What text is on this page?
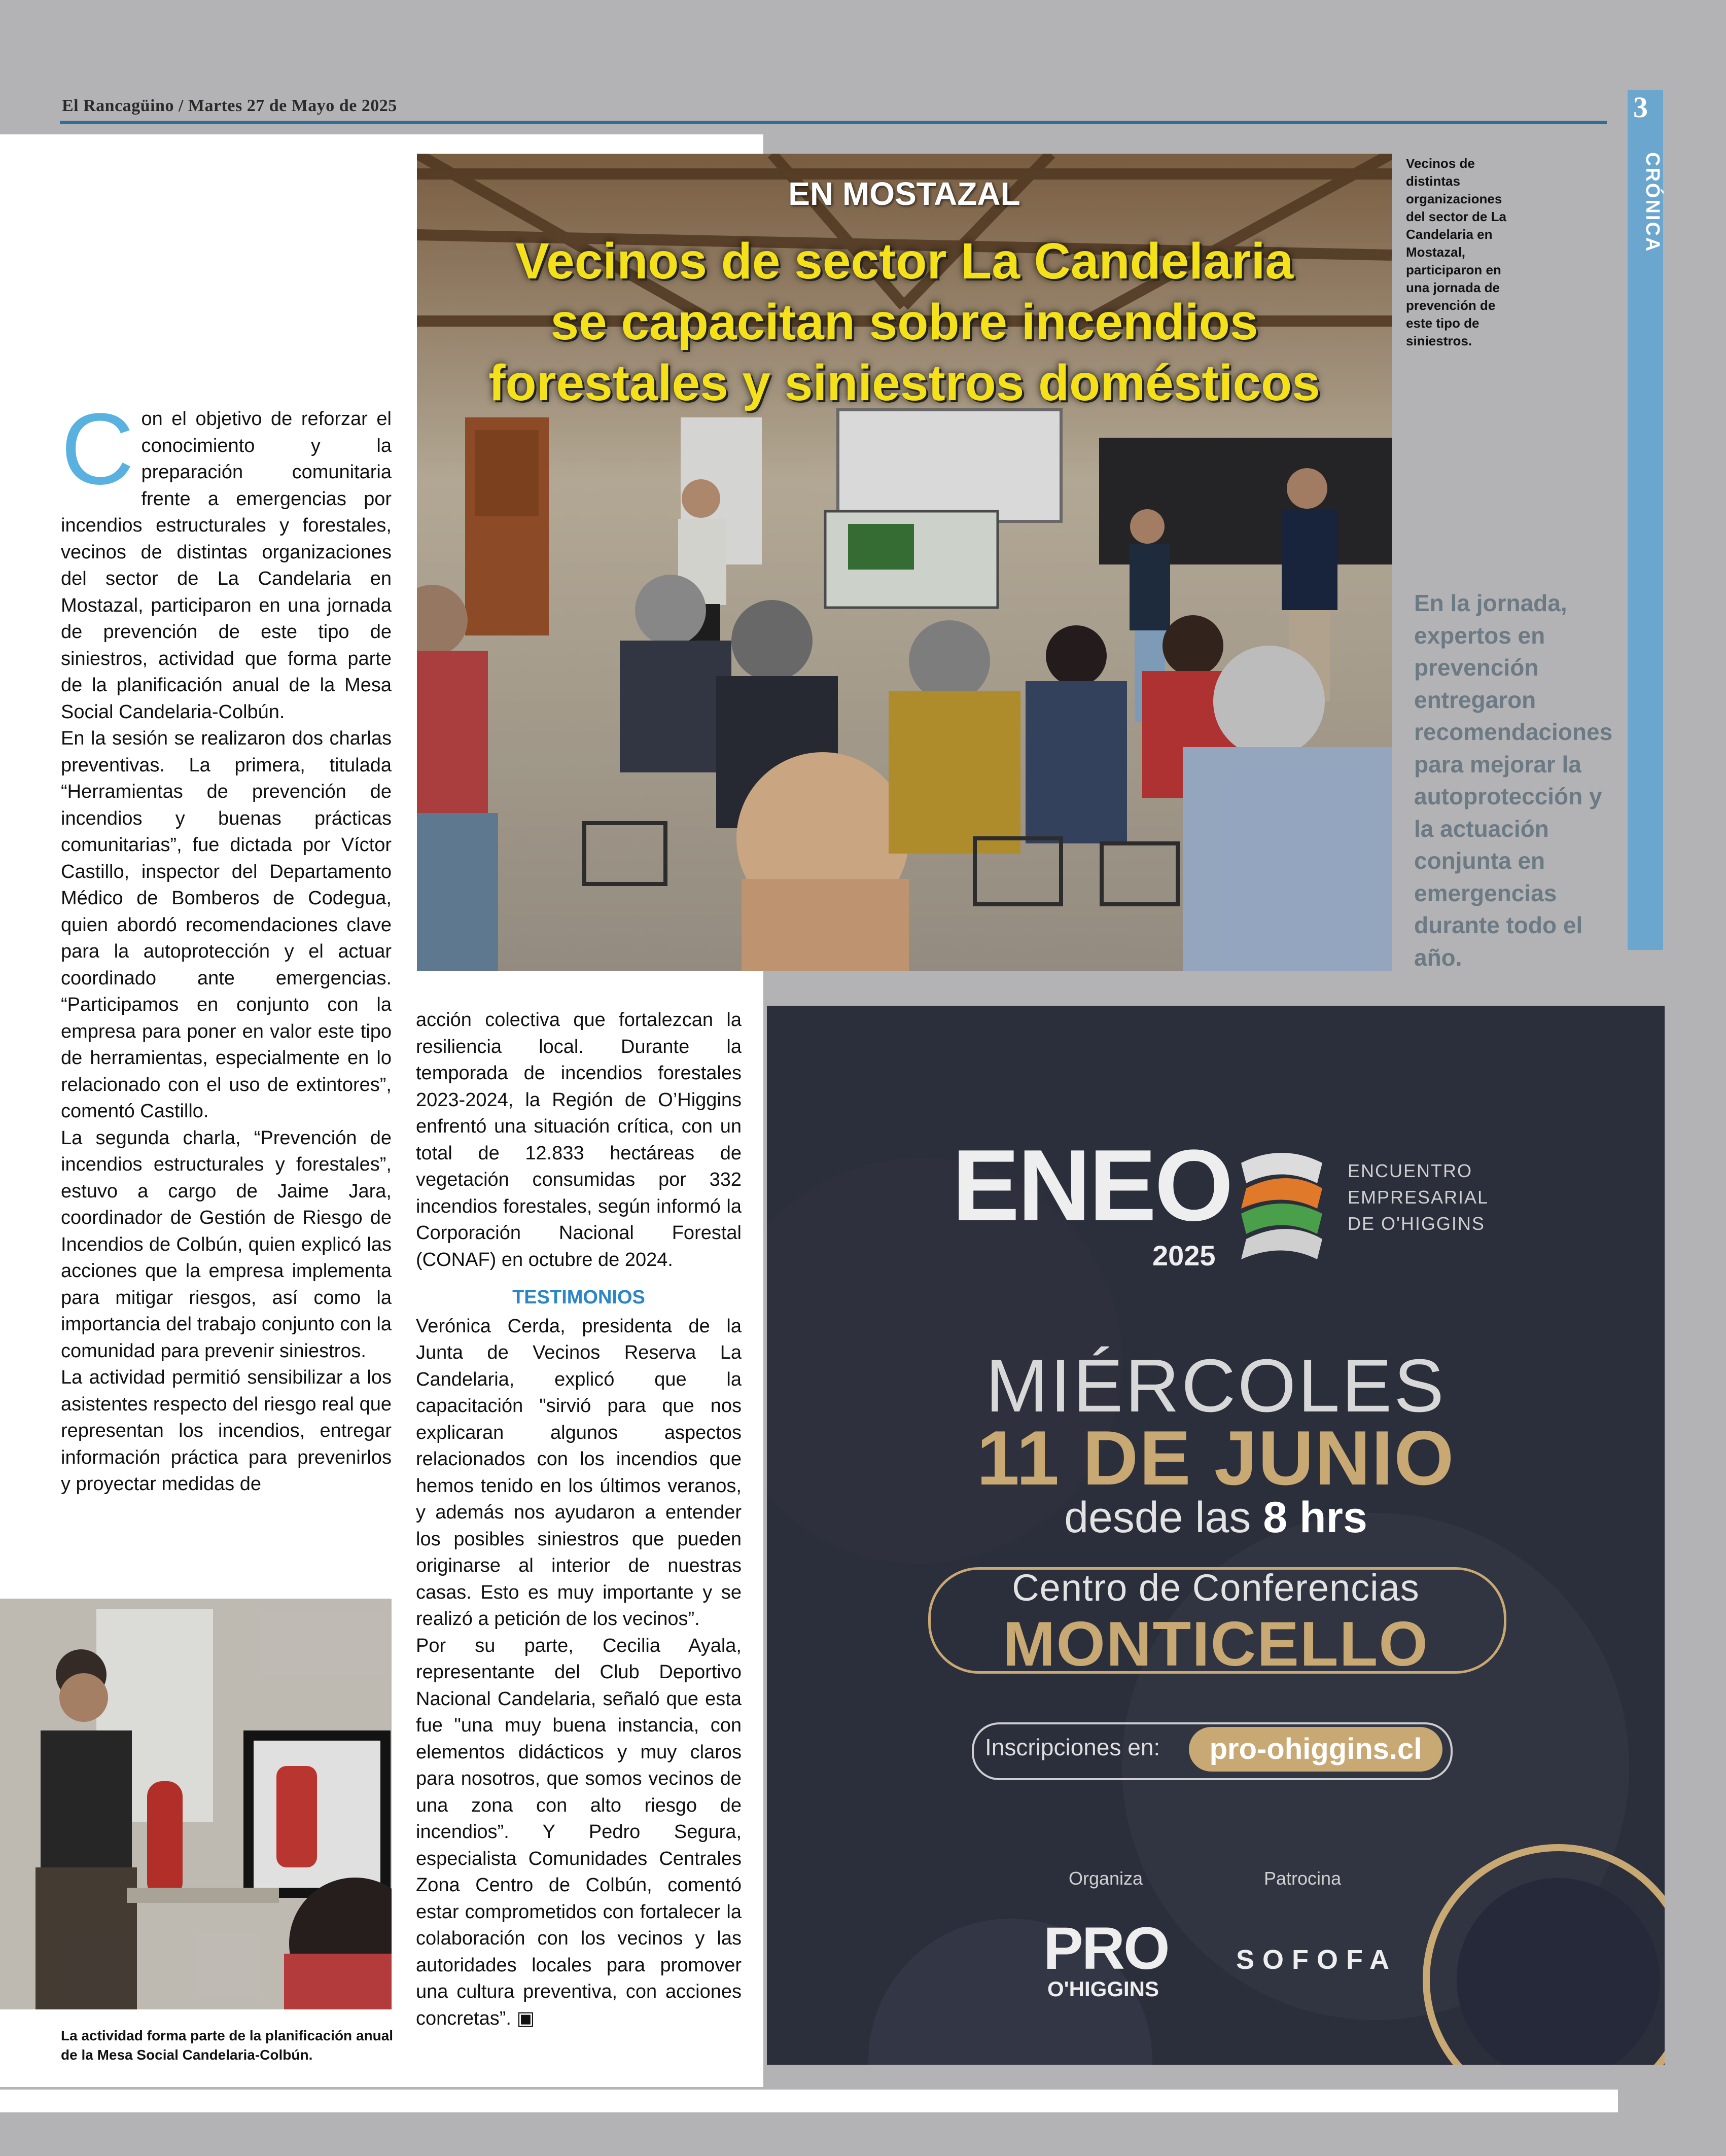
El Rancagüino / Martes 27 de Mayo de 2025	3
CRÓNICA
EN MOSTAZAL
Vecinos de sector La Candelaria
se capacitan sobre incendios
forestales y siniestros domésticos
Vecinos de distintas organizaciones del sector de La Candelaria en Mostazal, participaron en una jornada de prevención de este tipo de siniestros.
En la jornada, expertos en prevención entregaron recomendaciones para mejorar la autoprotección y la actuación conjunta en emergencias durante todo el año.
C on el objetivo de reforzar el conocimiento y la preparación comunitaria frente a emergencias por incendios estructurales y forestales, vecinos de distintas organizaciones del sector de La Candelaria en Mostazal, participaron en una jornada de prevención de este tipo de siniestros, actividad que forma parte de la planificación anual de la Mesa Social Candelaria-Colbún.

En la sesión se realizaron dos charlas preventivas. La primera, titulada “Herramientas de prevención de incendios y buenas prácticas comunitarias”, fue dictada por Víctor Castillo, inspector del Departamento Médico de Bomberos de Codegua, quien abordó recomendaciones clave para la autoprotección y el actuar coordinado ante emergencias. “Participamos en conjunto con la empresa para poner en valor este tipo de herramientas, especialmente en lo relacionado con el uso de extintores”, comentó Castillo.

La segunda charla, “Prevención de incendios estructurales y forestales”, estuvo a cargo de Jaime Jara, coordinador de Gestión de Riesgo de Incendios de Colbún, quien explicó las acciones que la empresa implementa para mitigar riesgos, así como la importancia del trabajo conjunto con la comunidad para prevenir siniestros.

La actividad permitió sensibilizar a los asistentes respecto del riesgo real que representan los incendios, entregar información práctica para prevenirlos y proyectar medidas de

acción colectiva que fortalezcan la resiliencia local. Durante la temporada de incendios forestales 2023-2024, la Región de O’Higgins enfrentó una situación crítica, con un total de 12.833 hectáreas de vegetación consumidas por 332 incendios forestales, según informó la Corporación Nacional Forestal (CONAF) en octubre de 2024.

TESTIMONIOS

Verónica Cerda, presidenta de la Junta de Vecinos Reserva La Candelaria, explicó que la capacitación "sirvió para que nos explicaran algunos aspectos relacionados con los incendios que hemos tenido en los últimos veranos, y además nos ayudaron a entender los posibles siniestros que pueden originarse al interior de nuestras casas. Esto es muy importante y se realizó a petición de los vecinos”.

Por su parte, Cecilia Ayala, representante del Club Deportivo Nacional Candelaria, señaló que esta fue "una muy buena instancia, con elementos didácticos y muy claros para nosotros, que somos vecinos de una zona con alto riesgo de incendios”. Y Pedro Segura, especialista Comunidades Centrales Zona Centro de Colbún, comentó estar comprometidos con fortalecer la colaboración con los vecinos y las autoridades locales para promover una cultura preventiva, con acciones concretas”. ▣

La actividad forma parte de la planificación anual de la Mesa Social Candelaria-Colbún.
ENEO
2025
ENCUENTRO
EMPRESARIAL
DE O'HIGGINS
MIÉRCOLES
11 DE JUNIO
desde las 8 hrs
Centro de Conferencias
MONTICELLO
Inscripciones en:	pro-ohiggins.cl
Organiza	Patrocina
PRO
O'HIGGINS
SOFOFA
